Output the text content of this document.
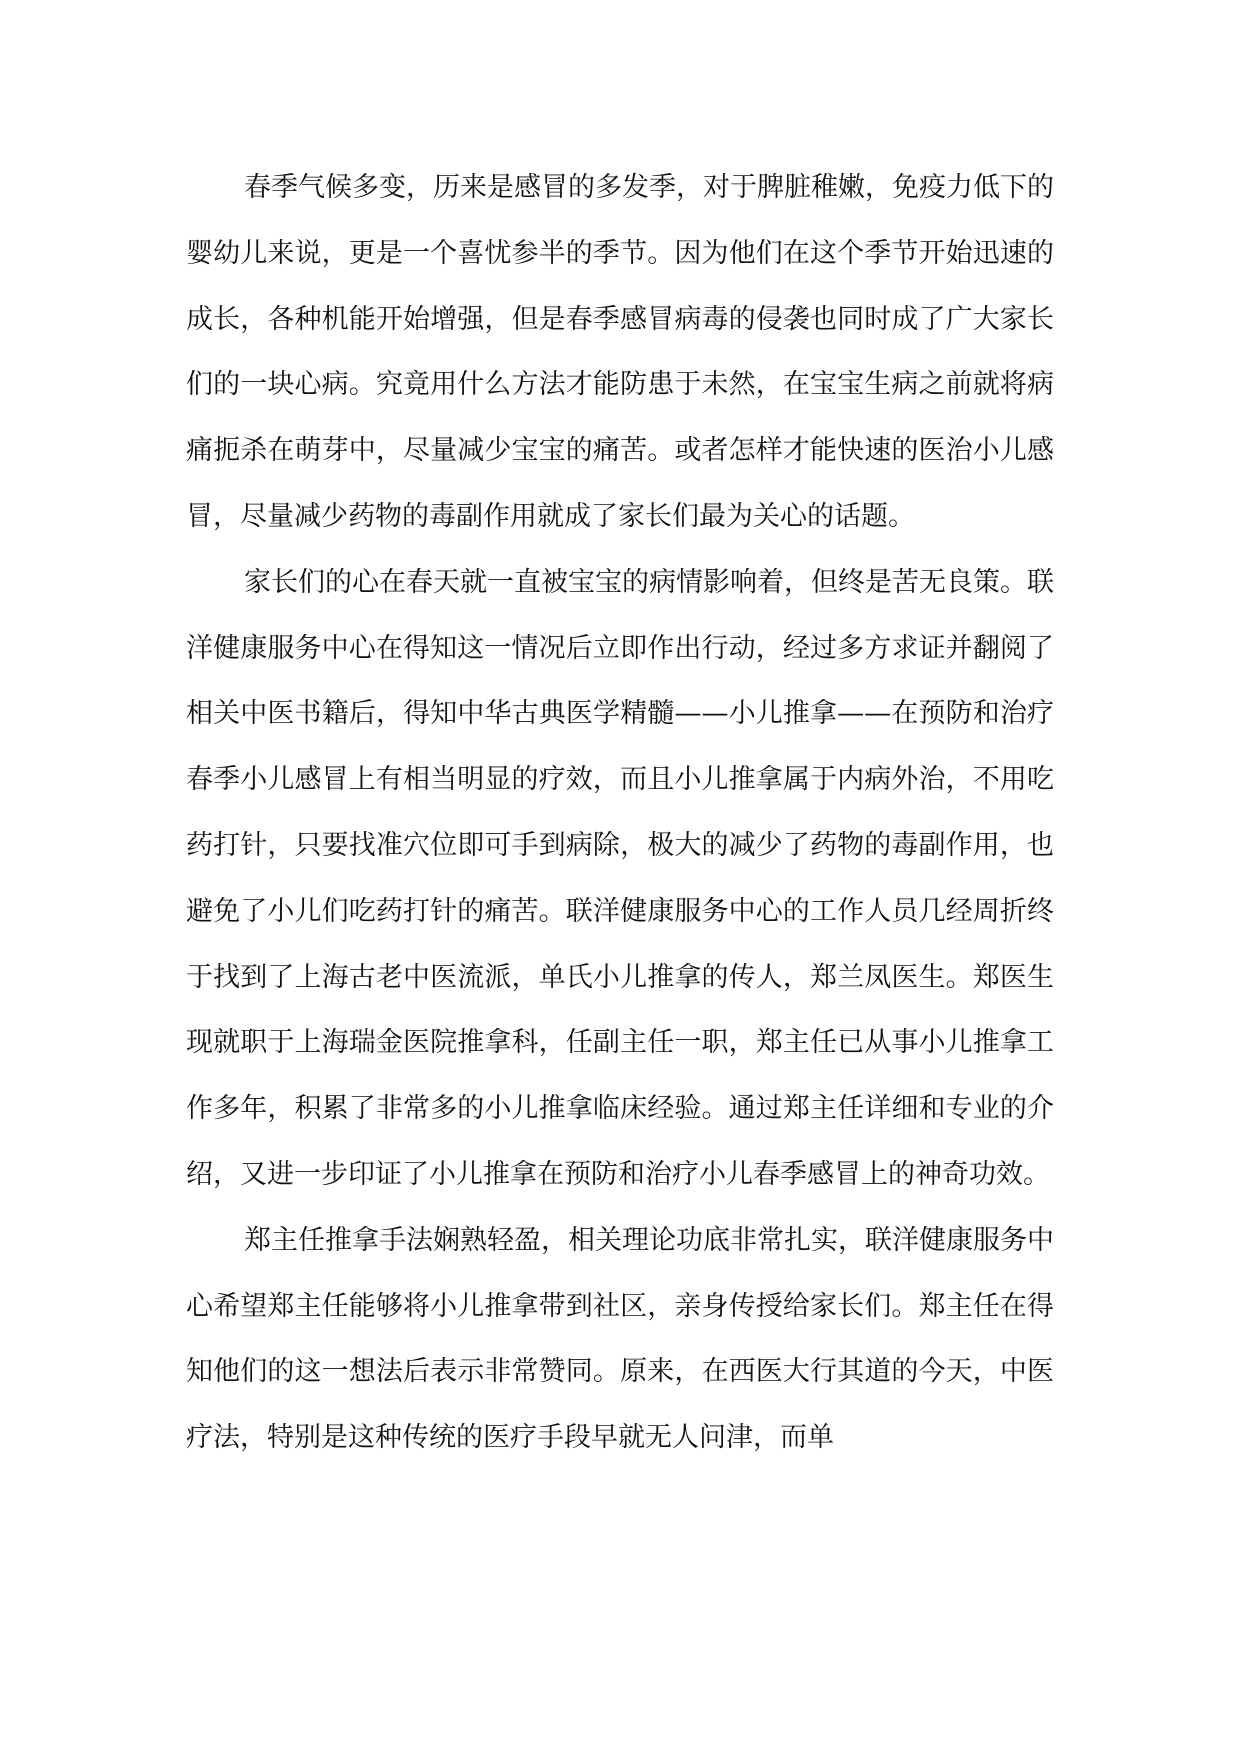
春季气候多变，历来是感冒的多发季，对于脾脏稚嫩，免疫力低下的婴幼儿来说，更是一个喜忧参半的季节。因为他们在这个季节开始迅速的成长，各种机能开始增强，但是春季感冒病毒的侵袭也同时成了广大家长们的一块心病。究竟用什么方法才能防患于未然，在宝宝生病之前就将病痛扼杀在萌芽中，尽量减少宝宝的痛苦。或者怎样才能快速的医治小儿感冒，尽量减少药物的毒副作用就成了家长们最为关心的话题。

家长们的心在春天就一直被宝宝的病情影响着，但终是苦无良策。联洋健康服务中心在得知这一情况后立即作出行动，经过多方求证并翻阅了相关中医书籍后，得知中华古典医学精髓——小儿推拿——在预防和治疗春季小儿感冒上有相当明显的疗效，而且小儿推拿属于内病外治，不用吃药打针，只要找准穴位即可手到病除，极大的减少了药物的毒副作用，也避免了小儿们吃药打针的痛苦。联洋健康服务中心的工作人员几经周折终于找到了上海古老中医流派，单氏小儿推拿的传人，郑兰凤医生。郑医生现就职于上海瑞金医院推拿科，任副主任一职，郑主任已从事小儿推拿工作多年，积累了非常多的小儿推拿临床经验。通过郑主任详细和专业的介绍，又进一步印证了小儿推拿在预防和治疗小儿春季感冒上的神奇功效。

郑主任推拿手法娴熟轻盈，相关理论功底非常扎实，联洋健康服务中心希望郑主任能够将小儿推拿带到社区，亲身传授给家长们。郑主任在得知他们的这一想法后表示非常赞同。原来，在西医大行其道的今天，中医疗法，特别是这种传统的医疗手段早就无人问津，而单
